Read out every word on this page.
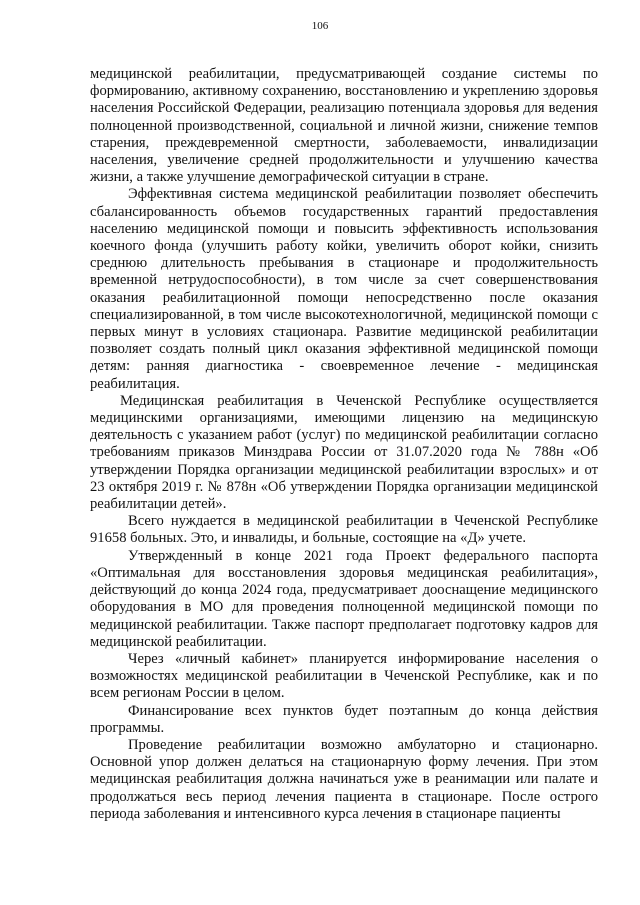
106

медицинской реабилитации, предусматривающей создание системы по формированию, активному сохранению, восстановлению и укреплению здоровья населения Российской Федерации, реализацию потенциала здоровья для ведения полноценной производственной, социальной и личной жизни, снижение темпов старения, преждевременной смертности, заболеваемости, инвалидизации населения, увеличение средней продолжительности и улучшению качества жизни, а также улучшение демографической ситуации в стране.

Эффективная система медицинской реабилитации позволяет обеспечить сбалансированность объемов государственных гарантий предоставления населению медицинской помощи и повысить эффективность использования коечного фонда (улучшить работу койки, увеличить оборот койки, снизить среднюю длительность пребывания в стационаре и продолжительность временной нетрудоспособности), в том числе за счет совершенствования оказания реабилитационной помощи непосредственно после оказания специализированной, в том числе высокотехнологичной, медицинской помощи с первых минут в условиях стационара. Развитие медицинской реабилитации позволяет создать полный цикл оказания эффективной медицинской помощи детям: ранняя диагностика - своевременное лечение - медицинская реабилитация.

Медицинская реабилитация в Чеченской Республике осуществляется медицинскими организациями, имеющими лицензию на медицинскую деятельность с указанием работ (услуг) по медицинской реабилитации согласно требованиям приказов Минздрава России от 31.07.2020 года № 788н «Об утверждении Порядка организации медицинской реабилитации взрослых» и от 23 октября 2019 г. № 878н «Об утверждении Порядка организации медицинской реабилитации детей».

Всего нуждается в медицинской реабилитации в Чеченской Республике 91658 больных. Это, и инвалиды, и больные, состоящие на «Д» учете.

Утвержденный в конце 2021 года Проект федерального паспорта «Оптимальная для восстановления здоровья медицинская реабилитация», действующий до конца 2024 года, предусматривает дооснащение медицинского оборудования в МО для проведения полноценной медицинской помощи по медицинской реабилитации. Также паспорт предполагает подготовку кадров для медицинской реабилитации.

Через «личный кабинет» планируется информирование населения о возможностях медицинской реабилитации в Чеченской Республике, как и по всем регионам России в целом.

Финансирование всех пунктов будет поэтапным до конца действия программы.

Проведение реабилитации возможно амбулаторно и стационарно. Основной упор должен делаться на стационарную форму лечения. При этом медицинская реабилитация должна начинаться уже в реанимации или палате и продолжаться весь период лечения пациента в стационаре. После острого периода заболевания и интенсивного курса лечения в стационаре пациенты
